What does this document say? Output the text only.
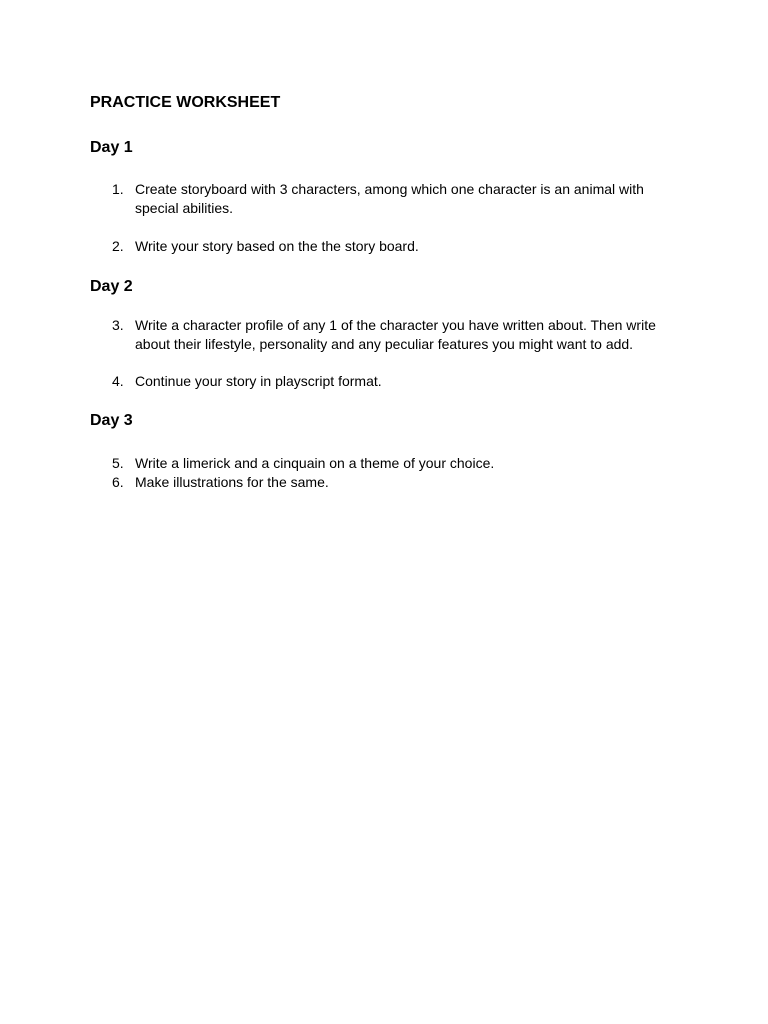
PRACTICE WORKSHEET
Day 1
1. Create storyboard with 3 characters, among which one character is an animal with special abilities.
2. Write your story based on the the story board.
Day 2
3. Write a character profile of any 1 of the character you have written about. Then write about their lifestyle, personality and any peculiar features you might want to add.
4. Continue your story in playscript format.
Day 3
5. Write a limerick and a cinquain on a theme of your choice.
6. Make illustrations for the same.
